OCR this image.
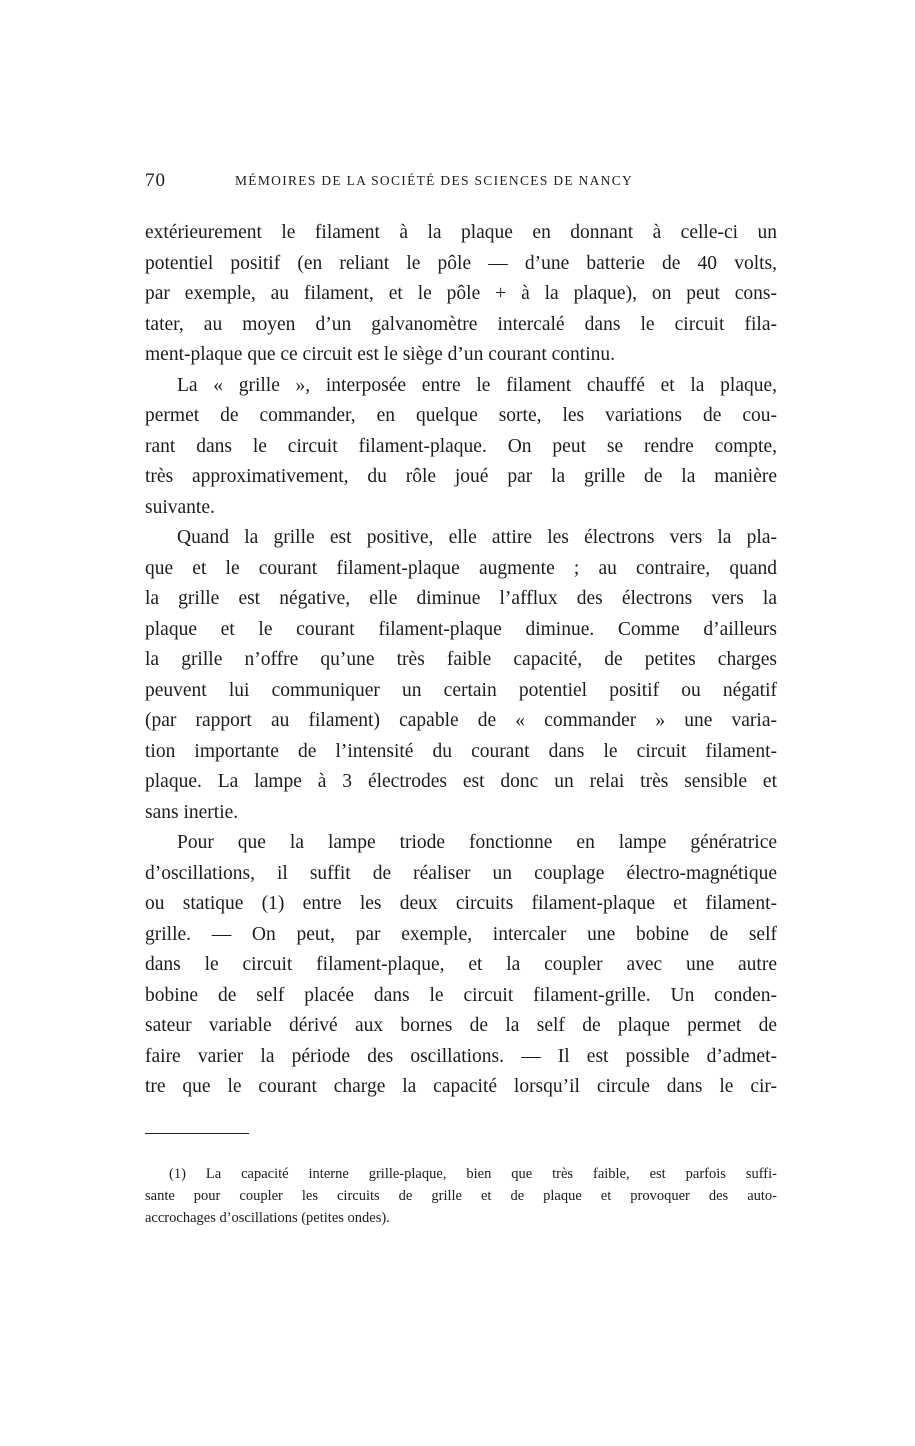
70	MÉMOIRES DE LA SOCIÉTÉ DES SCIENCES DE NANCY
extérieurement le filament à la plaque en donnant à celle-ci un
potentiel positif (en reliant le pôle — d’une batterie de 40 volts,
par exemple, au filament, et le pôle + à la plaque), on peut cons-
tater, au moyen d’un galvanomètre intercalé dans le circuit fila-
ment-plaque que ce circuit est le siège d’un courant continu.
La « grille », interposée entre le filament chauffé et la plaque,
permet de commander, en quelque sorte, les variations de cou-
rant dans le circuit filament-plaque. On peut se rendre compte,
très approximativement, du rôle joué par la grille de la manière
suivante.
Quand la grille est positive, elle attire les électrons vers la pla-
que et le courant filament-plaque augmente ; au contraire, quand
la grille est négative, elle diminue l’afflux des électrons vers la
plaque et le courant filament-plaque diminue. Comme d’ailleurs
la grille n’offre qu’une très faible capacité, de petites charges
peuvent lui communiquer un certain potentiel positif ou négatif
(par rapport au filament) capable de « commander » une varia-
tion importante de l’intensité du courant dans le circuit filament-
plaque. La lampe à 3 électrodes est donc un relai très sensible et
sans inertie.
Pour que la lampe triode fonctionne en lampe génératrice
d’oscillations, il suffit de réaliser un couplage électro-magnétique
ou statique (1) entre les deux circuits filament-plaque et filament-
grille. — On peut, par exemple, intercaler une bobine de self
dans le circuit filament-plaque, et la coupler avec une autre
bobine de self placée dans le circuit filament-grille. Un conden-
sateur variable dérivé aux bornes de la self de plaque permet de
faire varier la période des oscillations. — Il est possible d’admet-
tre que le courant charge la capacité lorsqu’il circule dans le cir-
(1) La capacité interne grille-plaque, bien que très faible, est parfois suffi-
sante pour coupler les circuits de grille et de plaque et provoquer des auto-
accrochages d’oscillations (petites ondes).
